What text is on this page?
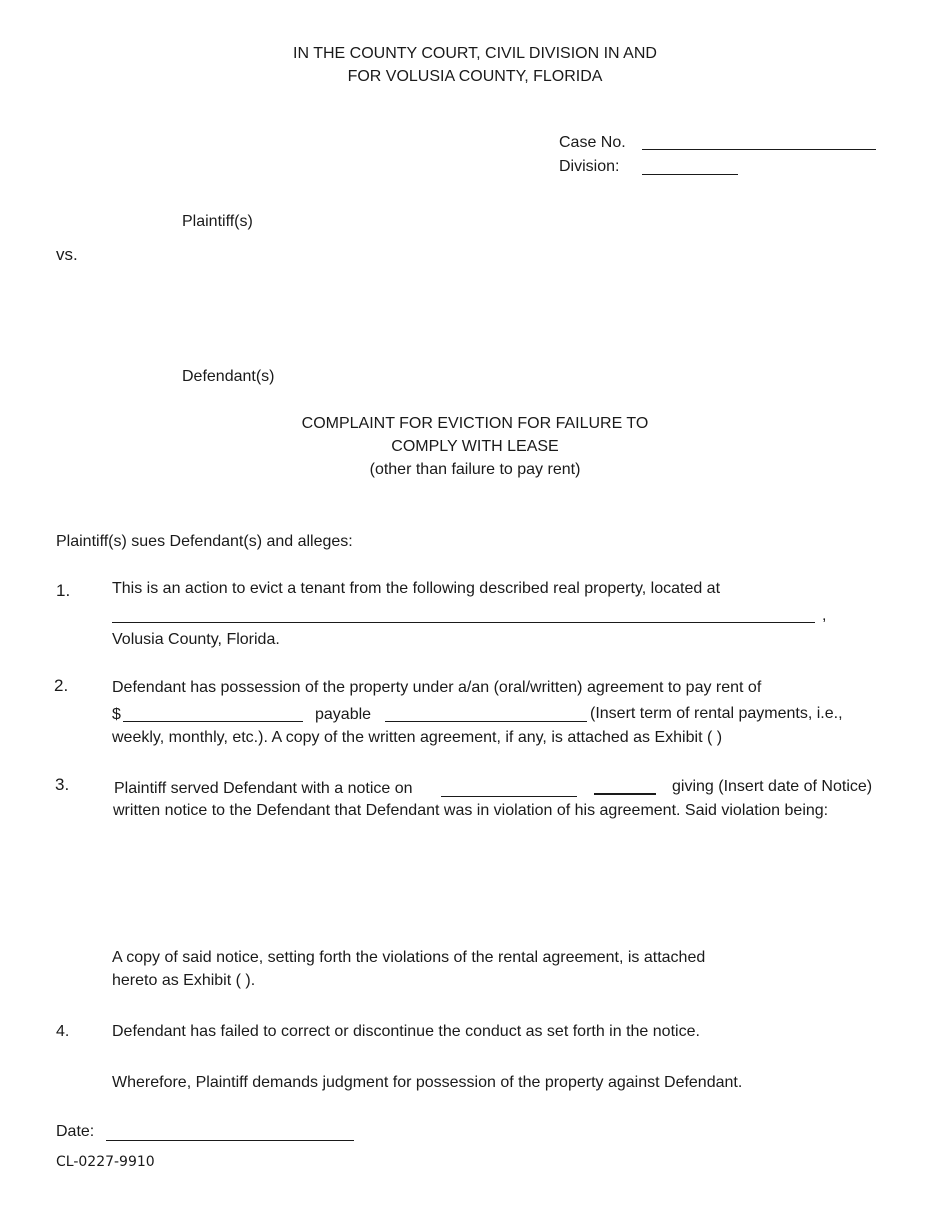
IN THE COUNTY COURT, CIVIL DIVISION IN AND
FOR VOLUSIA COUNTY, FLORIDA
Case No.
Division:
Plaintiff(s)
vs.
Defendant(s)
COMPLAINT FOR EVICTION FOR FAILURE TO
COMPLY WITH LEASE
(other than failure to pay rent)
Plaintiff(s) sues Defendant(s) and alleges:
1.	This is an action to evict a tenant from the following described real property, located at
,
Volusia County, Florida.
2.	Defendant has possession of the property under a/an (oral/written) agreement to pay rent of
$	payable	(Insert term of rental payments, i.e.,
weekly, monthly, etc.). A copy of the written agreement, if any, is attached as Exhibit ( )
3.	Plaintiff served Defendant with a notice on	giving (Insert date of Notice)
written notice to the Defendant that Defendant was in violation of his agreement. Said violation being:
A copy of said notice, setting forth the violations of the rental agreement, is attached
hereto as Exhibit ( ).
4.	Defendant has failed to correct or discontinue the conduct as set forth in the notice.
Wherefore, Plaintiff demands judgment for possession of the property against Defendant.
Date:
CL-0227-9910
